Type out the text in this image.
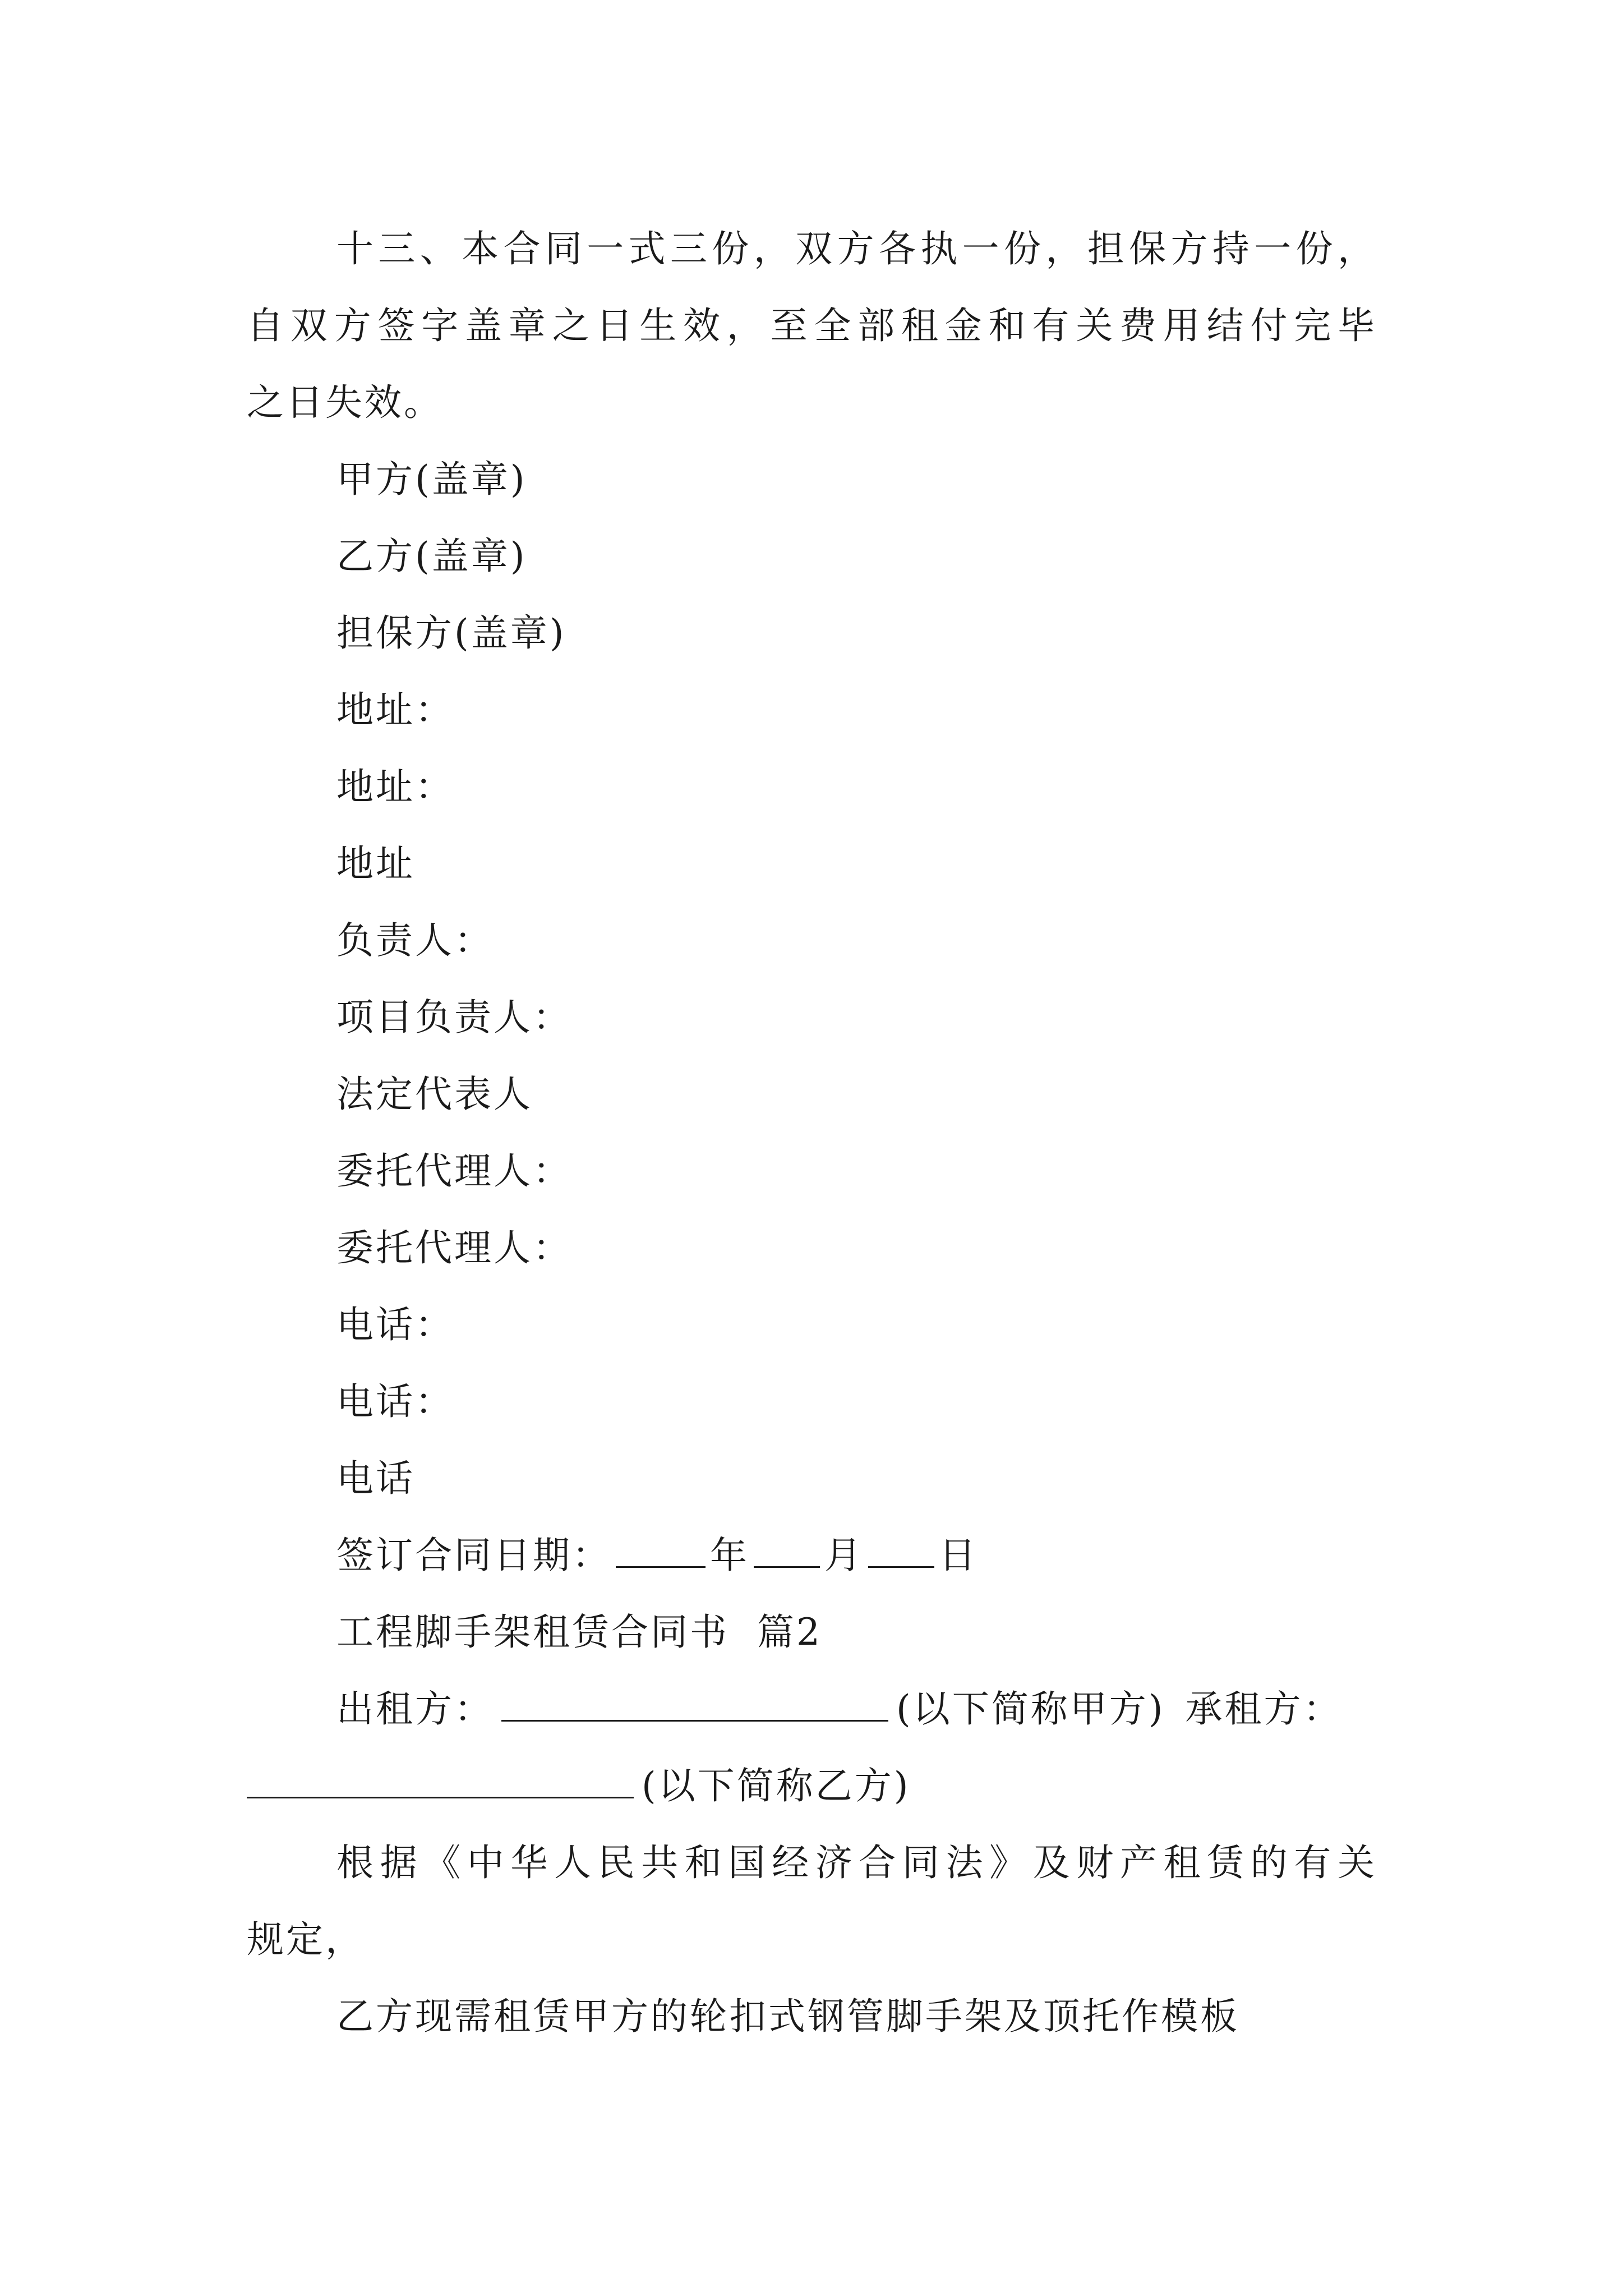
十三、本合同一式三份，双方各执一份，担保方持一份，
自双方签字盖章之日生效，至全部租金和有关费用结付完毕
之日失效。
甲方(盖章)
乙方(盖章)
担保方(盖章)
地址：
地址：
地址
负责人：
项目负责人：
法定代表人
委托代理人：
委托代理人：
电话：
电话：
电话
签订合同日期：	年 月 日
工程脚手架租赁合同书  篇2
出租方：	(以下简称甲方) 承租方：
(以下简称乙方)
根据《中华人民共和国经济合同法》及财产租赁的有关
规定，
乙方现需租赁甲方的轮扣式钢管脚手架及顶托作模板
